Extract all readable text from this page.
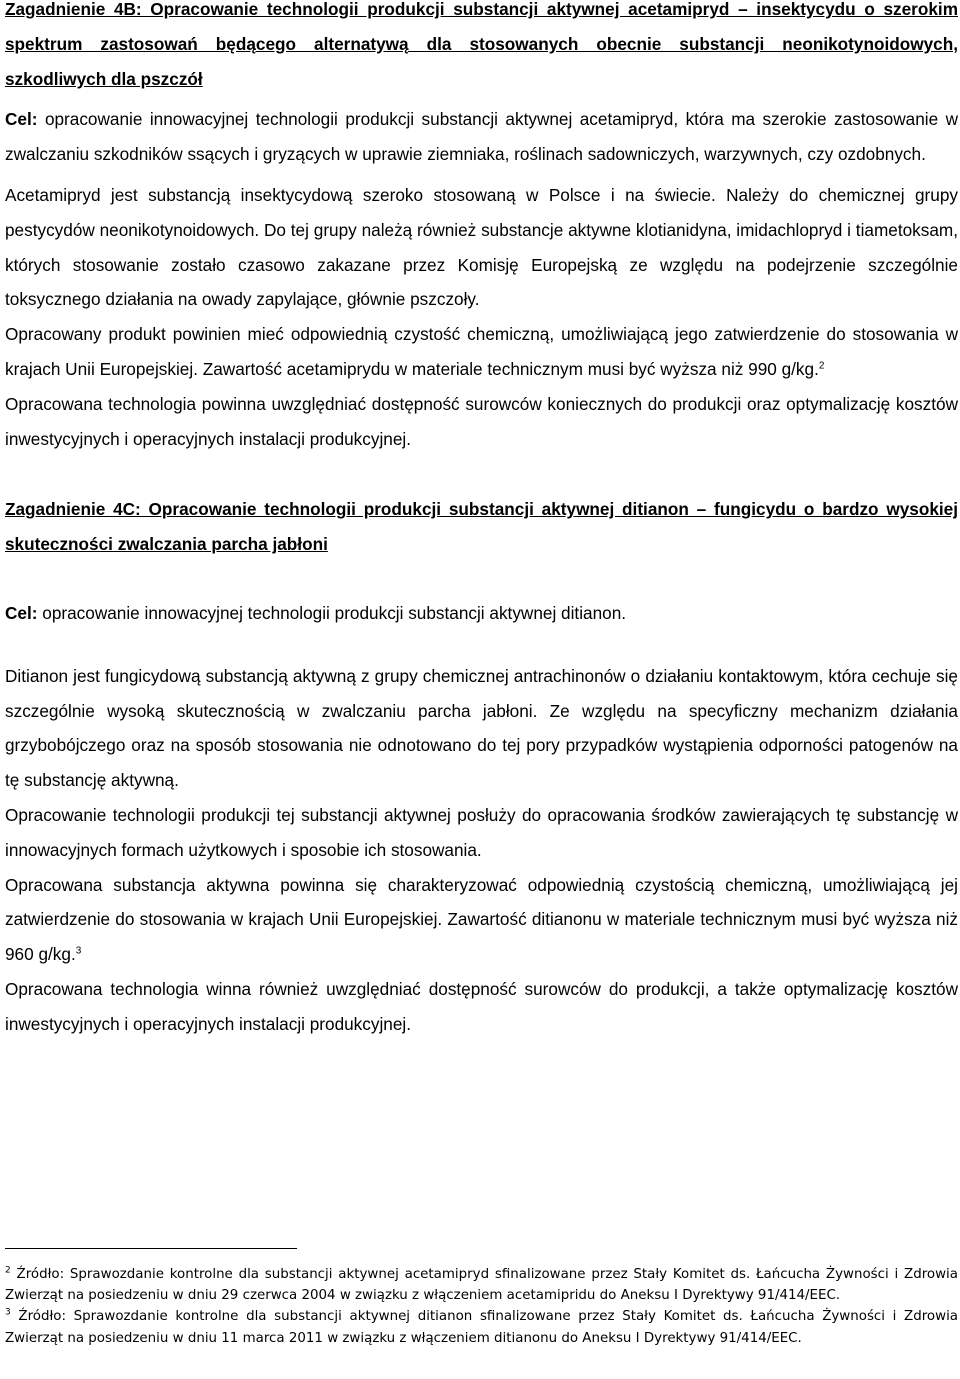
Zagadnienie 4B: Opracowanie technologii produkcji substancji aktywnej acetamipryd – insektycydu o szerokim spektrum zastosowań będącego alternatywą dla stosowanych obecnie substancji neonikotynoidowych, szkodliwych dla pszczół

Cel: opracowanie innowacyjnej technologii produkcji substancji aktywnej acetamipryd, która ma szerokie zastosowanie w zwalczaniu szkodników ssących i gryzących w uprawie ziemniaka, roślinach sadowniczych, warzywnych, czy ozdobnych.

Acetamipryd jest substancją insektycydową szeroko stosowaną w Polsce i na świecie. Należy do chemicznej grupy pestycydów neonikotynoidowych. Do tej grupy należą również substancje aktywne klotianidyna, imidachlopryd i tiametoksam, których stosowanie zostało czasowo zakazane przez Komisję Europejską ze względu na podejrzenie szczególnie toksycznego działania na owady zapylające, głównie pszczoły.

Opracowany produkt powinien mieć odpowiednią czystość chemiczną, umożliwiającą jego zatwierdzenie do stosowania w krajach Unii Europejskiej. Zawartość acetamiprydu w materiale technicznym musi być wyższa niż 990 g/kg.$^2$

Opracowana technologia powinna uwzględniać dostępność surowców koniecznych do produkcji oraz optymalizację kosztów inwestycyjnych i operacyjnych instalacji produkcyjnej.

Zagadnienie 4C: Opracowanie technologii produkcji substancji aktywnej ditianon – fungicydu o bardzo wysokiej skuteczności zwalczania parcha jabłoni

Cel: opracowanie innowacyjnej technologii produkcji substancji aktywnej ditianon.

Ditianon jest fungicydową substancją aktywną z grupy chemicznej antrachinonów o działaniu kontaktowym, która cechuje się szczególnie wysoką skutecznością w zwalczaniu parcha jabłoni. Ze względu na specyficzny mechanizm działania grzybobójczego oraz na sposób stosowania nie odnotowano do tej pory przypadków wystąpienia odporności patogenów na tę substancję aktywną.

Opracowanie technologii produkcji tej substancji aktywnej posłuży do opracowania środków zawierających tę substancję w innowacyjnych formach użytkowych i sposobie ich stosowania.

Opracowana substancja aktywna powinna się charakteryzować odpowiednią czystością chemiczną, umożliwiającą jej zatwierdzenie do stosowania w krajach Unii Europejskiej. Zawartość ditianonu w materiale technicznym musi być wyższa niż 960 g/kg.$^3$

Opracowana technologia winna również uwzględniać dostępność surowców do produkcji, a także optymalizację kosztów inwestycyjnych i operacyjnych instalacji produkcyjnej.

$^2$ Źródło: Sprawozdanie kontrolne dla substancji aktywnej acetamipryd sfinalizowane przez Stały Komitet ds. Łańcucha Żywności i Zdrowia Zwierząt na posiedzeniu w dniu 29 czerwca 2004 w związku z włączeniem acetamipridu do Aneksu I Dyrektywy 91/414/EEC.

$^3$ Źródło: Sprawozdanie kontrolne dla substancji aktywnej ditianon sfinalizowane przez Stały Komitet ds. Łańcucha Żywności i Zdrowia Zwierząt na posiedzeniu w dniu 11 marca 2011 w związku z włączeniem ditianonu do Aneksu I Dyrektywy 91/414/EEC.
